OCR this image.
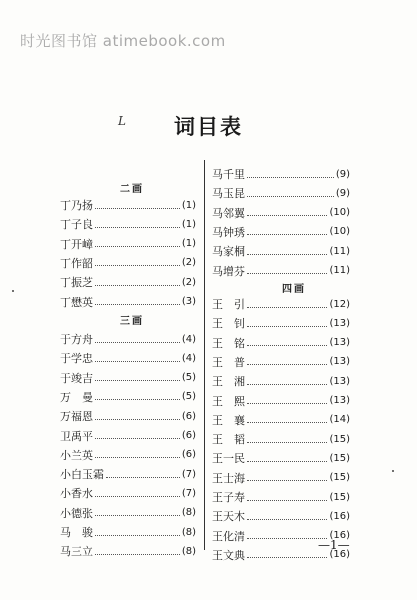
时光图书馆 atimebook.com
L	词目表
二画
丁乃扬	(1)
丁子良	(1)
丁开嶂	(1)
丁作韶	(2)
丁振芝	(2)
丁懋英	(3)
三画
于方舟	(4)
于学忠	(4)
于竣吉	(5)
万　曼	(5)
万福恩	(6)
卫禹平	(6)
小兰英	(6)
小白玉霜	(7)
小香水	(7)
小德张	(8)
马　骏	(8)
马三立	(8)
马千里	(9)
马玉昆	(9)
马邻翼	(10)
马钟琇	(10)
马家桐	(11)
马增芬	(11)
四画
王　引	(12)
王　钊	(13)
王　铭	(13)
王　普	(13)
王　湘	(13)
王　熙	(13)
王　襄	(14)
王　韬	(15)
王一民	(15)
王士海	(15)
王子寿	(15)
王天木	(16)
王化清	(16)
王文典	(16)
—1—
